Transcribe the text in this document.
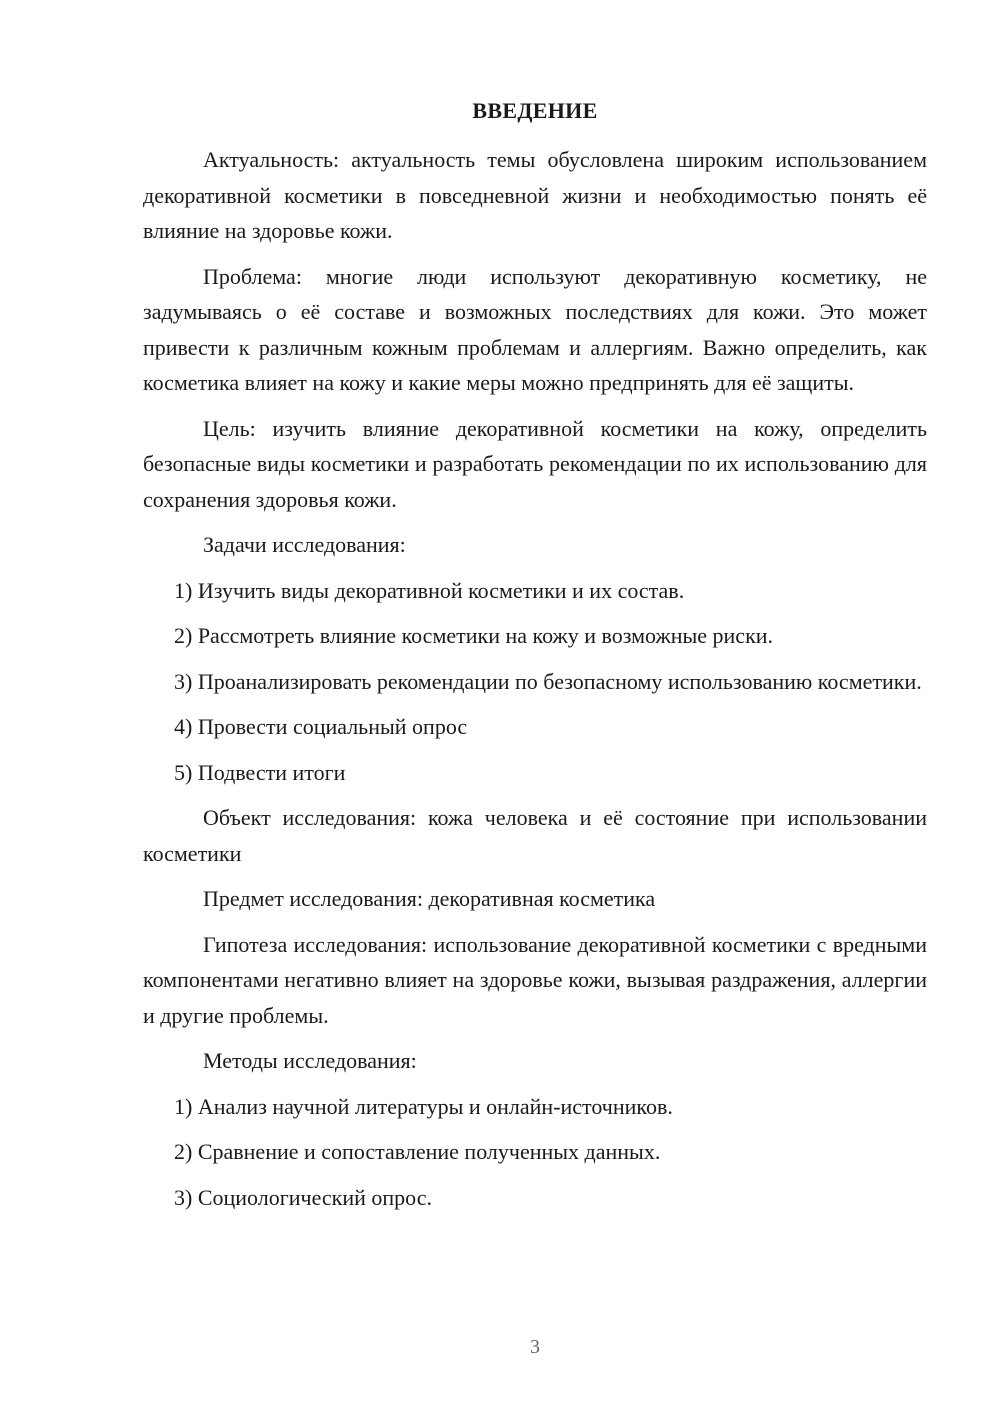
ВВЕДЕНИЕ

Актуальность: актуальность темы обусловлена широким использованием декоративной косметики в повседневной жизни и необходимостью понять её влияние на здоровье кожи.

Проблема: многие люди используют декоративную косметику, не задумываясь о её составе и возможных последствиях для кожи. Это может привести к различным кожным проблемам и аллергиям. Важно определить, как косметика влияет на кожу и какие меры можно предпринять для её защиты.

Цель: изучить влияние декоративной косметики на кожу, определить безопасные виды косметики и разработать рекомендации по их использованию для сохранения здоровья кожи.

Задачи исследования:

1) Изучить виды декоративной косметики и их состав.

2) Рассмотреть влияние косметики на кожу и возможные риски.

3) Проанализировать рекомендации по безопасному использованию косметики.

4) Провести социальный опрос

5) Подвести итоги

Объект исследования: кожа человека и её состояние при использовании косметики

Предмет исследования: декоративная косметика

Гипотеза исследования: использование декоративной косметики с вредными компонентами негативно влияет на здоровье кожи, вызывая раздражения, аллергии и другие проблемы.

Методы исследования:

1) Анализ научной литературы и онлайн-источников.

2) Сравнение и сопоставление полученных данных.

3) Социологический опрос.

3
